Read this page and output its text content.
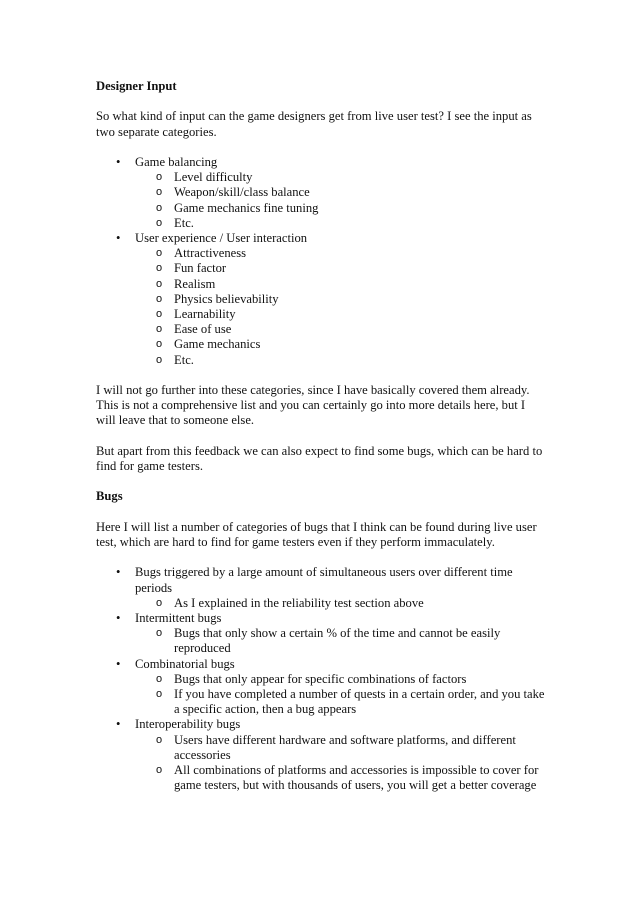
Designer Input

So what kind of input can the game designers get from live user test? I see the input as two separate categories.

• Game balancing
o Level difficulty
o Weapon/skill/class balance
o Game mechanics fine tuning
o Etc.
• User experience / User interaction
o Attractiveness
o Fun factor
o Realism
o Physics believability
o Learnability
o Ease of use
o Game mechanics
o Etc.

I will not go further into these categories, since I have basically covered them already. This is not a comprehensive list and you can certainly go into more details here, but I will leave that to someone else.

But apart from this feedback we can also expect to find some bugs, which can be hard to find for game testers.

Bugs

Here I will list a number of categories of bugs that I think can be found during live user test, which are hard to find for game testers even if they perform immaculately.

• Bugs triggered by a large amount of simultaneous users over different time periods
o As I explained in the reliability test section above
• Intermittent bugs
o Bugs that only show a certain % of the time and cannot be easily reproduced
• Combinatorial bugs
o Bugs that only appear for specific combinations of factors
o If you have completed a number of quests in a certain order, and you take a specific action, then a bug appears
• Interoperability bugs
o Users have different hardware and software platforms, and different accessories
o All combinations of platforms and accessories is impossible to cover for game testers, but with thousands of users, you will get a better coverage
